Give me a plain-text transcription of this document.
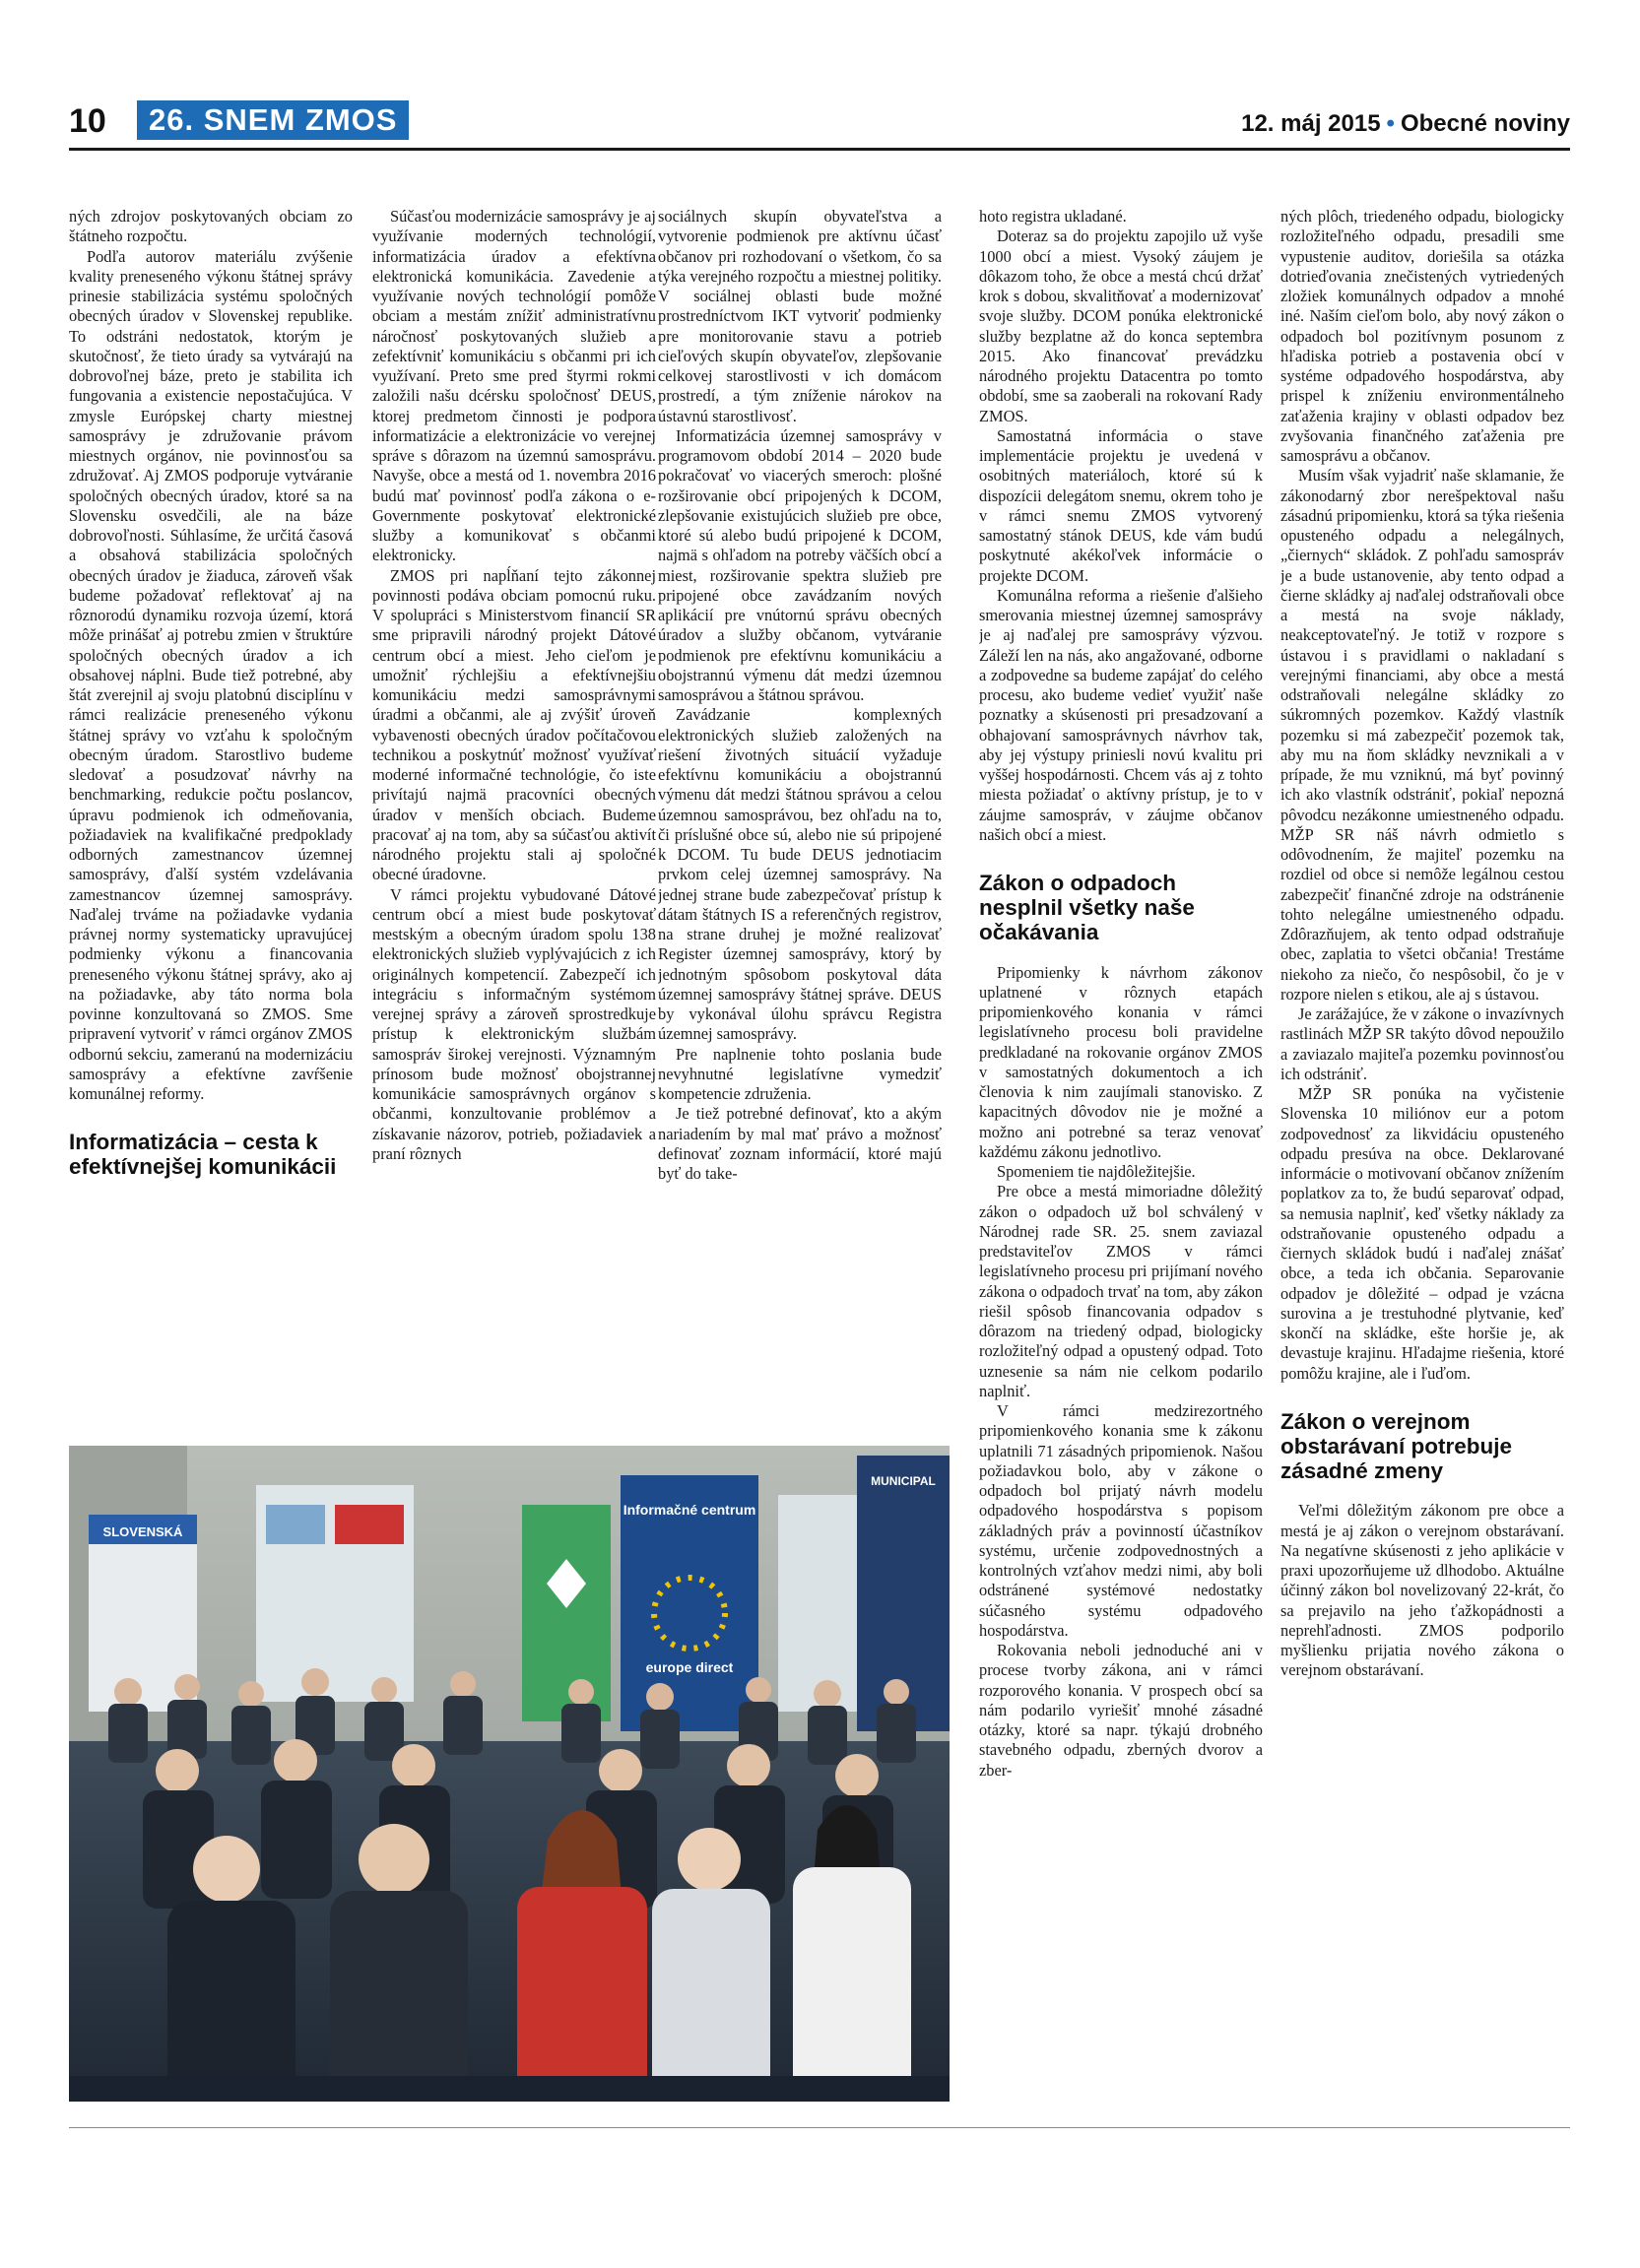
10	26. SNEM ZMOS	12. máj 2015 • Obecné noviny

ných zdrojov poskytovaných obciam zo štátneho rozpočtu.

Podľa autorov materiálu zvýšenie kvality preneseného výkonu štátnej správy prinesie stabilizácia systému spoločných obecných úradov v Slovenskej republike. To odstráni nedostatok, ktorým je skutočnosť, že tieto úrady sa vytvárajú na dobrovoľnej báze, preto je stabilita ich fungovania a existencie nepostačujúca. V zmysle Európskej charty miestnej samosprávy je združovanie právom miestnych orgánov, nie povinnosťou sa združovať. Aj ZMOS podporuje vytváranie spoločných obecných úradov, ktoré sa na Slovensku osvedčili, ale na báze dobrovoľnosti. Súhlasíme, že určitá časová a obsahová stabilizácia spoločných obecných úradov je žiaduca, zároveň však budeme požadovať reflektovať aj na rôznorodú dynamiku rozvoja území, ktorá môže prinášať aj potrebu zmien v štruktúre spoločných obecných úradov a ich obsahovej náplni. Bude tiež potrebné, aby štát zverejnil aj svoju platobnú disciplínu v rámci realizácie preneseného výkonu štátnej správy vo vzťahu k spoločným obecným úradom. Starostlivo budeme sledovať a posudzovať návrhy na benchmarking, redukcie počtu poslancov, úpravu podmienok ich odmeňovania, požiadaviek na kvalifikačné predpoklady odborných zamestnancov územnej samosprávy, ďalší systém vzdelávania zamestnancov územnej samosprávy. Naďalej trváme na požiadavke vydania právnej normy systematicky upravujúcej podmienky výkonu a financovania preneseného výkonu štátnej správy, ako aj na požiadavke, aby táto norma bola povinne konzultovaná so ZMOS. Sme pripravení vytvoriť v rámci orgánov ZMOS odbornú sekciu, zameranú na modernizáciu samosprávy a efektívne zavŕšenie komunálnej reformy.

Informatizácia – cesta k efektívnejšej komunikácii

Súčasťou modernizácie samosprávy je aj využívanie moderných technológií, informatizácia úradov a efektívna elektronická komunikácia. Zavedenie a využívanie nových technológií pomôže obciam a mestám znížiť administratívnu náročnosť poskytovaných služieb a zefektívniť komunikáciu s občanmi pri ich využívaní. Preto sme pred štyrmi rokmi založili našu dcérsku spoločnosť DEUS, ktorej predmetom činnosti je podpora informatizácie a elektronizácie vo verejnej správe s dôrazom na územnú samosprávu. Navyše, obce a mestá od 1. novembra 2016 budú mať povinnosť podľa zákona o e-Governmente poskytovať elektronické služby a komunikovať s občanmi elektronicky.

ZMOS pri napĺňaní tejto zákonnej povinnosti podáva obciam pomocnú ruku. V spolupráci s Ministerstvom financií SR sme pripravili národný projekt Dátové centrum obcí a miest. Jeho cieľom je umožniť rýchlejšiu a efektívnejšiu komunikáciu medzi samosprávnymi úradmi a občanmi, ale aj zvýšiť úroveň vybavenosti obecných úradov počítačovou technikou a poskytnúť možnosť využívať moderné informačné technológie, čo iste privítajú najmä pracovníci obecných úradov v menších obciach. Budeme pracovať aj na tom, aby sa súčasťou aktivít národného projektu stali aj spoločné obecné úradovne.

V rámci projektu vybudované Dátové centrum obcí a miest bude poskytovať mestským a obecným úradom spolu 138 elektronických služieb vyplývajúcich z ich originálnych kompetencií. Zabezpečí ich integráciu s informačným systémom verejnej správy a zároveň sprostredkuje prístup k elektronickým službám samospráv širokej verejnosti. Významným prínosom bude možnosť obojstrannej komunikácie samosprávnych orgánov s občanmi, konzultovanie problémov a získavanie názorov, potrieb, požiadaviek a praní rôznych

sociálnych skupín obyvateľstva a vytvorenie podmienok pre aktívnu účasť občanov pri rozhodovaní o všetkom, čo sa týka verejného rozpočtu a miestnej politiky. V sociálnej oblasti bude možné prostredníctvom IKT vytvoriť podmienky pre monitorovanie stavu a potrieb cieľových skupín obyvateľov, zlepšovanie celkovej starostlivosti v ich domácom prostredí, a tým zníženie nárokov na ústavnú starostlivosť.

Informatizácia územnej samosprávy v programovom období 2014 – 2020 bude pokračovať vo viacerých smeroch: plošné rozširovanie obcí pripojených k DCOM, zlepšovanie existujúcich služieb pre obce, ktoré sú alebo budú pripojené k DCOM, najmä s ohľadom na potreby väčších obcí a miest, rozširovanie spektra služieb pre pripojené obce zavádzaním nových aplikácií pre vnútornú správu obecných úradov a služby občanom, vytváranie podmienok pre efektívnu komunikáciu a obojstrannú výmenu dát medzi územnou samosprávou a štátnou správou.

Zavádzanie komplexných elektronických služieb založených na riešení životných situácií vyžaduje efektívnu komunikáciu a obojstrannú výmenu dát medzi štátnou správou a celou územnou samosprávou, bez ohľadu na to, či príslušné obce sú, alebo nie sú pripojené k DCOM. Tu bude DEUS jednotiacim prvkom celej územnej samosprávy. Na jednej strane bude zabezpečovať prístup k dátam štátnych IS a referenčných registrov, na strane druhej je možné realizovať Register územnej samosprávy, ktorý by jednotným spôsobom poskytoval dáta územnej samosprávy štátnej správe. DEUS by vykonával úlohu správcu Registra územnej samosprávy.

Pre naplnenie tohto poslania bude nevyhnutné legislatívne vymedziť kompetencie združenia.

Je tiež potrebné definovať, kto a akým nariadením by mal mať právo a možnosť definovať zoznam informácií, ktoré majú byť do take-

hoto registra ukladané.

Doteraz sa do projektu zapojilo už vyše 1000 obcí a miest. Vysoký záujem je dôkazom toho, že obce a mestá chcú držať krok s dobou, skvalitňovať a modernizovať svoje služby. DCOM ponúka elektronické služby bezplatne až do konca septembra 2015. Ako financovať prevádzku národného projektu Datacentra po tomto období, sme sa zaoberali na rokovaní Rady ZMOS.

Samostatná informácia o stave implementácie projektu je uvedená v osobitných materiáloch, ktoré sú k dispozícii delegátom snemu, okrem toho je v rámci snemu ZMOS vytvorený samostatný stánok DEUS, kde vám budú poskytnuté akékoľvek informácie o projekte DCOM.

Komunálna reforma a riešenie ďalšieho smerovania miestnej územnej samosprávy je aj naďalej pre samosprávy výzvou. Záleží len na nás, ako angažované, odborne a zodpovedne sa budeme zapájať do celého procesu, ako budeme vedieť využiť naše poznatky a skúsenosti pri presadzovaní a obhajovaní samosprávnych návrhov tak, aby jej výstupy priniesli novú kvalitu pri vyššej hospodárnosti. Chcem vás aj z tohto miesta požiadať o aktívny prístup, je to v záujme samospráv, v záujme občanov našich obcí a miest.

Zákon o odpadoch nesplnil všetky naše očakávania

Pripomienky k návrhom zákonov uplatnené v rôznych etapách pripomienkového konania v rámci legislatívneho procesu boli pravidelne predkladané na rokovanie orgánov ZMOS v samostatných dokumentoch a ich členovia k nim zaujímali stanovisko. Z kapacitných dôvodov nie je možné a možno ani potrebné sa teraz venovať každému zákonu jednotlivo.

Spomeniem tie najdôležitejšie.

Pre obce a mestá mimoriadne dôležitý zákon o odpadoch už bol schválený v Národnej rade SR. 25. snem zaviazal predstaviteľov ZMOS v rámci legislatívneho procesu pri prijímaní nového zákona o odpadoch trvať na tom, aby zákon riešil spôsob financovania odpadov s dôrazom na triedený odpad, biologicky rozložiteľný odpad a opustený odpad. Toto uznesenie sa nám nie celkom podarilo naplniť.

V rámci medzirezortného pripomienkového konania sme k zákonu uplatnili 71 zásadných pripomienok. Našou požiadavkou bolo, aby v zákone o odpadoch bol prijatý návrh modelu odpadového hospodárstva s popisom základných práv a povinností účastníkov systému, určenie zodpovednostných a kontrolných vzťahov medzi nimi, aby boli odstránené systémové nedostatky súčasného systému odpadového hospodárstva.

Rokovania neboli jednoduché ani v procese tvorby zákona, ani v rámci rozporového konania. V prospech obcí sa nám podarilo vyriešiť mnohé zásadné otázky, ktoré sa napr. týkajú drobného stavebného odpadu, zberných dvorov a zber-

ných plôch, triedeného odpadu, biologicky rozložiteľného odpadu, presadili sme vypustenie auditov, doriešila sa otázka dotrieďovania znečistených vytriedených zložiek komunálnych odpadov a mnohé iné. Naším cieľom bolo, aby nový zákon o odpadoch bol pozitívnym posunom z hľadiska potrieb a postavenia obcí v systéme odpadového hospodárstva, aby prispel k zníženiu environmentálneho zaťaženia krajiny v oblasti odpadov bez zvyšovania finančného zaťaženia pre samosprávu a občanov.

Musím však vyjadriť naše sklamanie, že zákonodarný zbor nerešpektoval našu zásadnú pripomienku, ktorá sa týka riešenia opusteného odpadu a nelegálnych, „čiernych“ skládok. Z pohľadu samospráv je a bude ustanovenie, aby tento odpad a čierne skládky aj naďalej odstraňovali obce a mestá na svoje náklady, neakceptovateľný. Je totiž v rozpore s ústavou i s pravidlami o nakladaní s verejnými financiami, aby obce a mestá odstraňovali nelegálne skládky zo súkromných pozemkov. Každý vlastník pozemku si má zabezpečiť pozemok tak, aby mu na ňom skládky nevznikali a v prípade, že mu vzniknú, má byť povinný ich ako vlastník odstrániť, pokiaľ nepozná pôvodcu nezákonne umiestneného odpadu. MŽP SR náš návrh odmietlo s odôvodnením, že majiteľ pozemku na rozdiel od obce si nemôže legálnou cestou zabezpečiť finančné zdroje na odstránenie tohto nelegálne umiestneného odpadu. Zdôrazňujem, ak tento odpad odstraňuje obec, zaplatia to všetci občania! Trestáme niekoho za niečo, čo nespôsobil, čo je v rozpore nielen s etikou, ale aj s ústavou.

Je zarážajúce, že v zákone o invazívnych rastlinách MŽP SR takýto dôvod nepoužilo a zaviazalo majiteľa pozemku povinnosťou ich odstrániť.

MŽP SR ponúka na vyčistenie Slovenska 10 miliónov eur a potom zodpovednosť za likvidáciu opusteného odpadu presúva na obce. Deklarované informácie o motivovaní občanov znížením poplatkov za to, že budú separovať odpad, sa nemusia naplniť, keď všetky náklady za odstraňovanie opusteného odpadu a čiernych skládok budú i naďalej znášať obce, a teda ich občania. Separovanie odpadov je dôležité – odpad je vzácna surovina a je trestuhodné plytvanie, keď skončí na skládke, ešte horšie je, ak devastuje krajinu. Hľadajme riešenia, ktoré pomôžu krajine, ale i ľuďom.

Zákon o verejnom obstarávaní potrebuje zásadné zmeny

Veľmi dôležitým zákonom pre obce a mestá je aj zákon o verejnom obstarávaní. Na negatívne skúsenosti z jeho aplikácie v praxi upozorňujeme už dlhodobo. Aktuálne účinný zákon bol novelizovaný 22-krát, čo sa prejavilo na jeho ťažkopádnosti a neprehľadnosti. ZMOS podporilo myšlienku prijatia nového zákona o verejnom obstarávaní.

SLOVENSKÁ
Informačné centrum
europe direct
MUNICIPAL
